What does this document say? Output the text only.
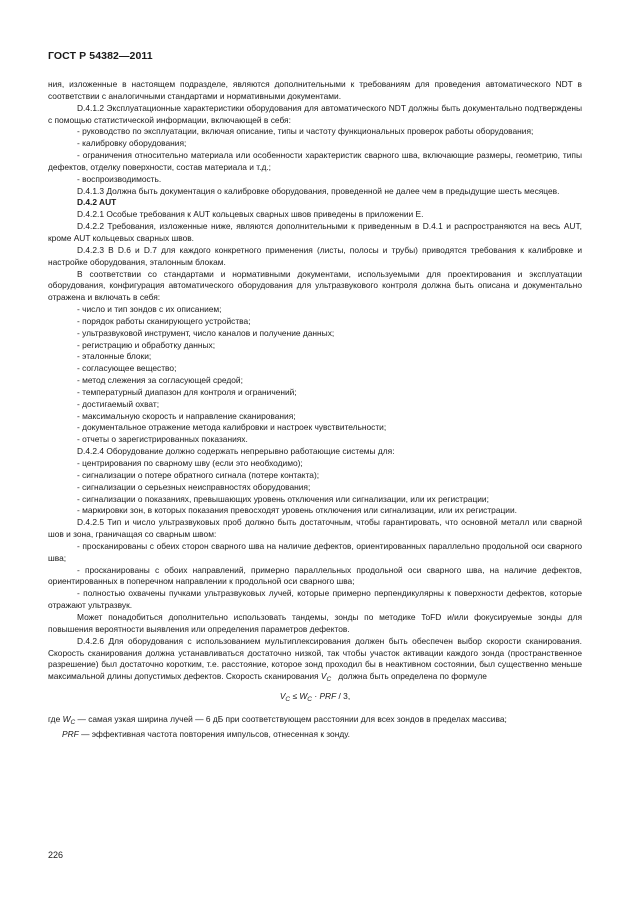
ГОСТ Р 54382—2011

ния, изложенные в настоящем подразделе, являются дополнительными к требованиям для проведения автоматического NDT в соответствии с аналогичными стандартами и нормативными документами.

D.4.1.2 Эксплуатационные характеристики оборудования для автоматического NDT должны быть документально подтверждены с помощью статистической информации, включающей в себя:

- руководство по эксплуатации, включая описание, типы и частоту функциональных проверок работы оборудования;

- калибровку оборудования;

- ограничения относительно материала или особенности характеристик сварного шва, включающие размеры, геометрию, типы дефектов, отделку поверхности, состав материала и т.д.;

- воспроизводимость.

D.4.1.3 Должна быть документация о калибровке оборудования, проведенной не далее чем в предыдущие шесть месяцев.

D.4.2 AUT

D.4.2.1 Особые требования к AUT кольцевых сварных швов приведены в приложении Е.

D.4.2.2 Требования, изложенные ниже, являются дополнительными к приведенным в D.4.1 и распространяются на весь AUT, кроме AUT кольцевых сварных швов.

D.4.2.3 В D.6 и D.7 для каждого конкретного применения (листы, полосы и трубы) приводятся требования к калибровке и настройке оборудования, эталонным блокам.

В соответствии со стандартами и нормативными документами, используемыми для проектирования и эксплуатации оборудования, конфигурация автоматического оборудования для ультразвукового контроля должна быть описана и документально отражена и включать в себя:

- число и тип зондов с их описанием;

- порядок работы сканирующего устройства;

- ультразвуковой инструмент, число каналов и получение данных;

- регистрацию и обработку данных;

- эталонные блоки;

- согласующее вещество;

- метод слежения за согласующей средой;

- температурный диапазон для контроля и ограничений;

- достигаемый охват;

- максимальную скорость и направление сканирования;

- документальное отражение метода калибровки и настроек чувствительности;

- отчеты о зарегистрированных показаниях.

D.4.2.4 Оборудование должно содержать непрерывно работающие системы для:

- центрирования по сварному шву (если это необходимо);

- сигнализации о потере обратного сигнала (потере контакта);

- сигнализации о серьезных неисправностях оборудования;

- сигнализации о показаниях, превышающих уровень отключения или сигнализации, или их регистрации;

- маркировки зон, в которых показания превосходят уровень отключения или сигнализации, или их регистрации.

D.4.2.5 Тип и число ультразвуковых проб должно быть достаточным, чтобы гарантировать, что основной металл или сварной шов и зона, граничащая со сварным швом:

- просканированы с обеих сторон сварного шва на наличие дефектов, ориентированных параллельно продольной оси сварного шва;

- просканированы с обоих направлений, примерно параллельных продольной оси сварного шва, на наличие дефектов, ориентированных в поперечном направлении к продольной оси сварного шва;

- полностью охвачены пучками ультразвуковых лучей, которые примерно перпендикулярны к поверхности дефектов, которые отражают ультразвук.

Может понадобиться дополнительно использовать тандемы, зонды по методике ToFD и/или фокусируемые зонды для повышения вероятности выявления или определения параметров дефектов.

D.4.2.6 Для оборудования с использованием мультиплексирования должен быть обеспечен выбор скорости сканирования. Скорость сканирования должна устанавливаться достаточно низкой, так чтобы участок активации каждого зонда (пространственное разрешение) был достаточно коротким, т.е. расстояние, которое зонд проходил бы в неактивном состоянии, был существенно меньше максимальной длины допустимых дефектов. Скорость сканирования $V_C$ должна быть определена по формуле

$V_C \le W_C$ · PRF / 3,

где $W_C$ — самая узкая ширина лучей — 6 дБ при соответствующем расстоянии для всех зондов в пределах массива;

PRF — эффективная частота повторения импульсов, отнесенная к зонду.

226
